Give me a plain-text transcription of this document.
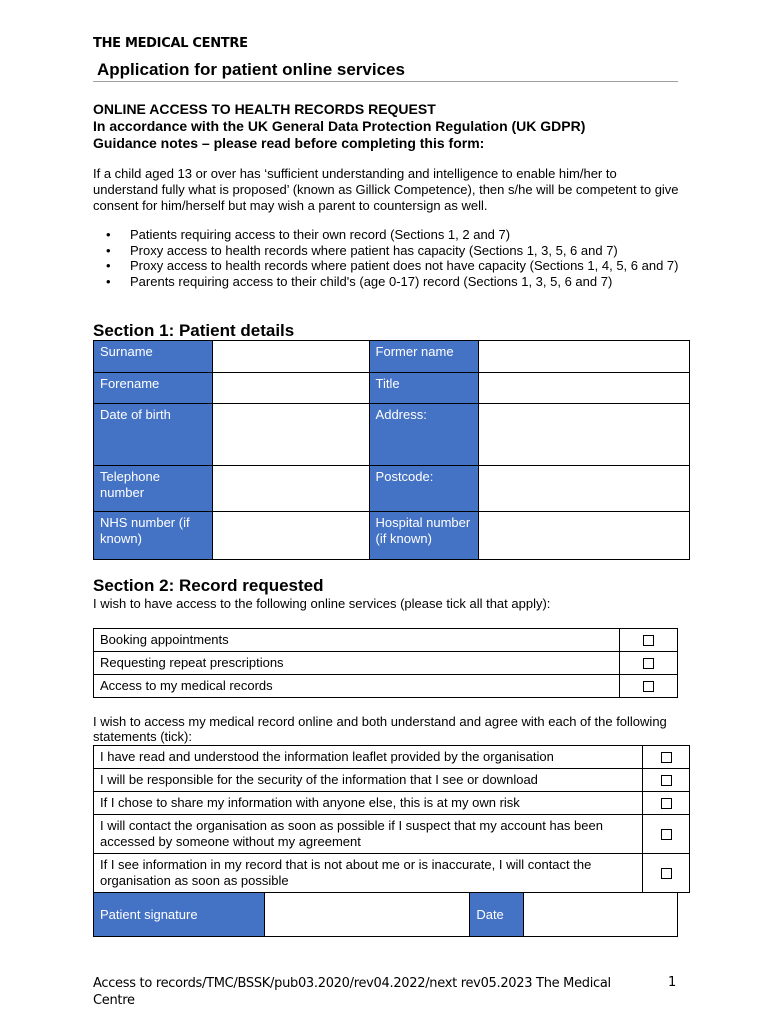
THE MEDICAL CENTRE
Application for patient online services
ONLINE ACCESS TO HEALTH RECORDS REQUEST
In accordance with the UK General Data Protection Regulation (UK GDPR)
Guidance notes – please read before completing this form:
If a child aged 13 or over has ‘sufficient understanding and intelligence to enable him/her to understand fully what is proposed’ (known as Gillick Competence), then s/he will be competent to give consent for him/herself but may wish a parent to countersign as well.
• Patients requiring access to their own record (Sections 1, 2 and 7)
• Proxy access to health records where patient has capacity (Sections 1, 3, 5, 6 and 7)
• Proxy access to health records where patient does not have capacity (Sections 1, 4, 5, 6 and 7)
• Parents requiring access to their child's (age 0-17) record (Sections 1, 3, 5, 6 and 7)
Section 1: Patient details
Surname		Former name	
Forename		Title	
Date of birth		Address:	
Telephone number		Postcode:	
NHS number (if known)		Hospital number (if known)	
Section 2: Record requested
I wish to have access to the following online services (please tick all that apply):
Booking appointments	
Requesting repeat prescriptions	
Access to my medical records	
I wish to access my medical record online and both understand and agree with each of the following statements (tick):
I have read and understood the information leaflet provided by the organisation	
I will be responsible for the security of the information that I see or download	
If I chose to share my information with anyone else, this is at my own risk	
I will contact the organisation as soon as possible if I suspect that my account has been accessed by someone without my agreement	
If I see information in my record that is not about me or is inaccurate, I will contact the organisation as soon as possible	
Patient signature		Date	
Access to records/TMC/BSSK/pub03.2020/rev04.2022/next rev05.2023 The Medical Centre
1
